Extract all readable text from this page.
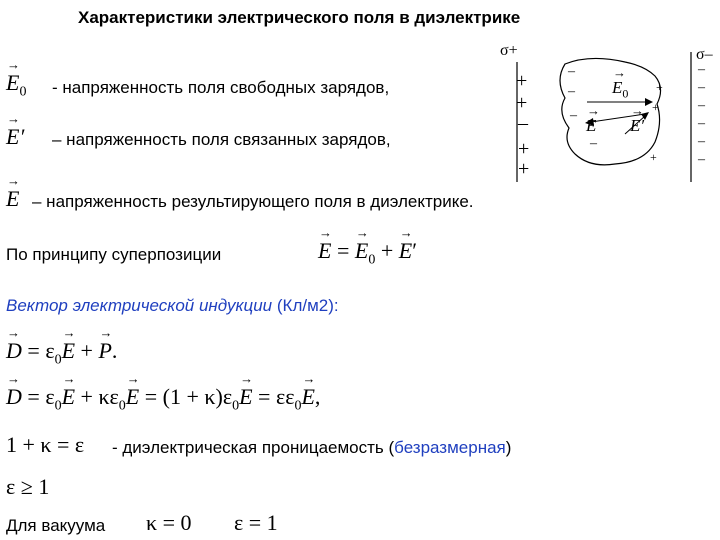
Характеристики электрического поля в диэлектрике
→ $E_0$ - напряженность поля свободных зарядов,
→ E′ – напряженность поля связанных зарядов,
→ E – напряженность результирующего поля в диэлектрике.
По принципу суперпозиции	→ E = → $E_0$ + → E′
Вектор электрической индукции (Кл/м2):
→ $D = \varepsilon_0\to E$ + → P.
→ $D = \varepsilon_0\to E + \kappa\varepsilon_0\to E = (1 + \kappa)\varepsilon_0\to E = \varepsilon\varepsilon_0\to E$,
1 + κ = ε - диэлектрическая проницаемость (безразмерная)
ε ≥ 1
Для вакуума κ = 0 ε = 1
σ+	σ–
+
+
–
+
+
–
–
–
–
–
–
–
–
–
–
+
+
+
→ $E_0$
→ E → E′
